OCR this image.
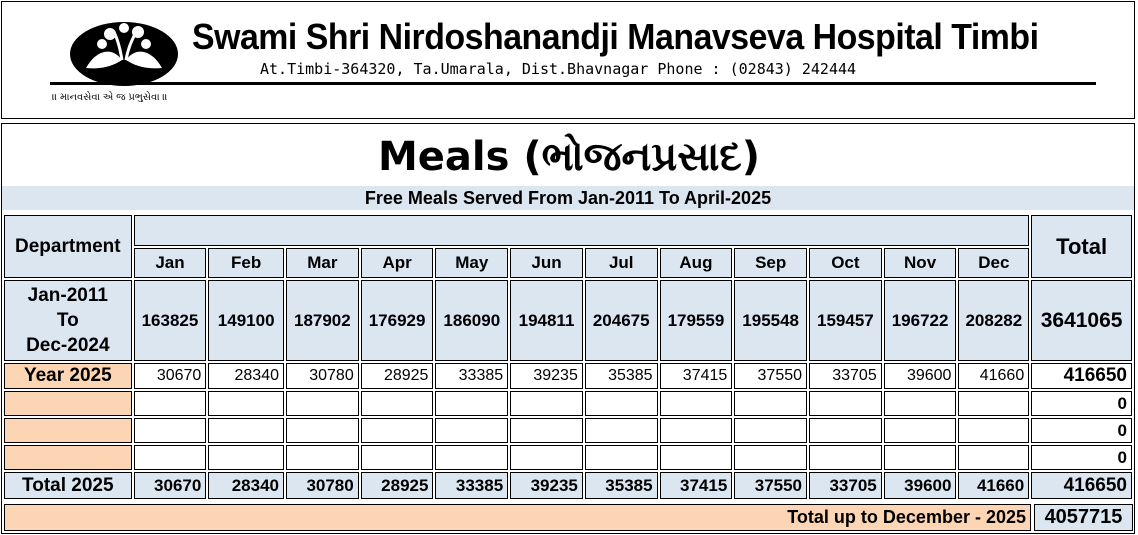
Swami Shri Nirdoshanandji Manavseva Hospital Timbi
At.Timbi-364320, Ta.Umarala, Dist.Bhavnagar Phone : (02843) 242444
॥ માનવસેવા એ જ પ્રભુસેવા ॥
Meals (ભોજનપ્રસાદ)
Free Meals Served From Jan-2011 To April-2025
Department													Total
	Jan	Feb	Mar	Apr	May	Jun	Jul	Aug	Sep	Oct	Nov	Dec	
Jan-2011
To
Dec-2024	163825	149100	187902	176929	186090	194811	204675	179559	195548	159457	196722	208282	3641065
Year 2025	30670	28340	30780	28925	33385	39235	35385	37415	37550	33705	39600	41660	416650
													0
													0
													0
Total 2025	30670	28340	30780	28925	33385	39235	35385	37415	37550	33705	39600	41660	416650
Total up to December - 2025 4057715
